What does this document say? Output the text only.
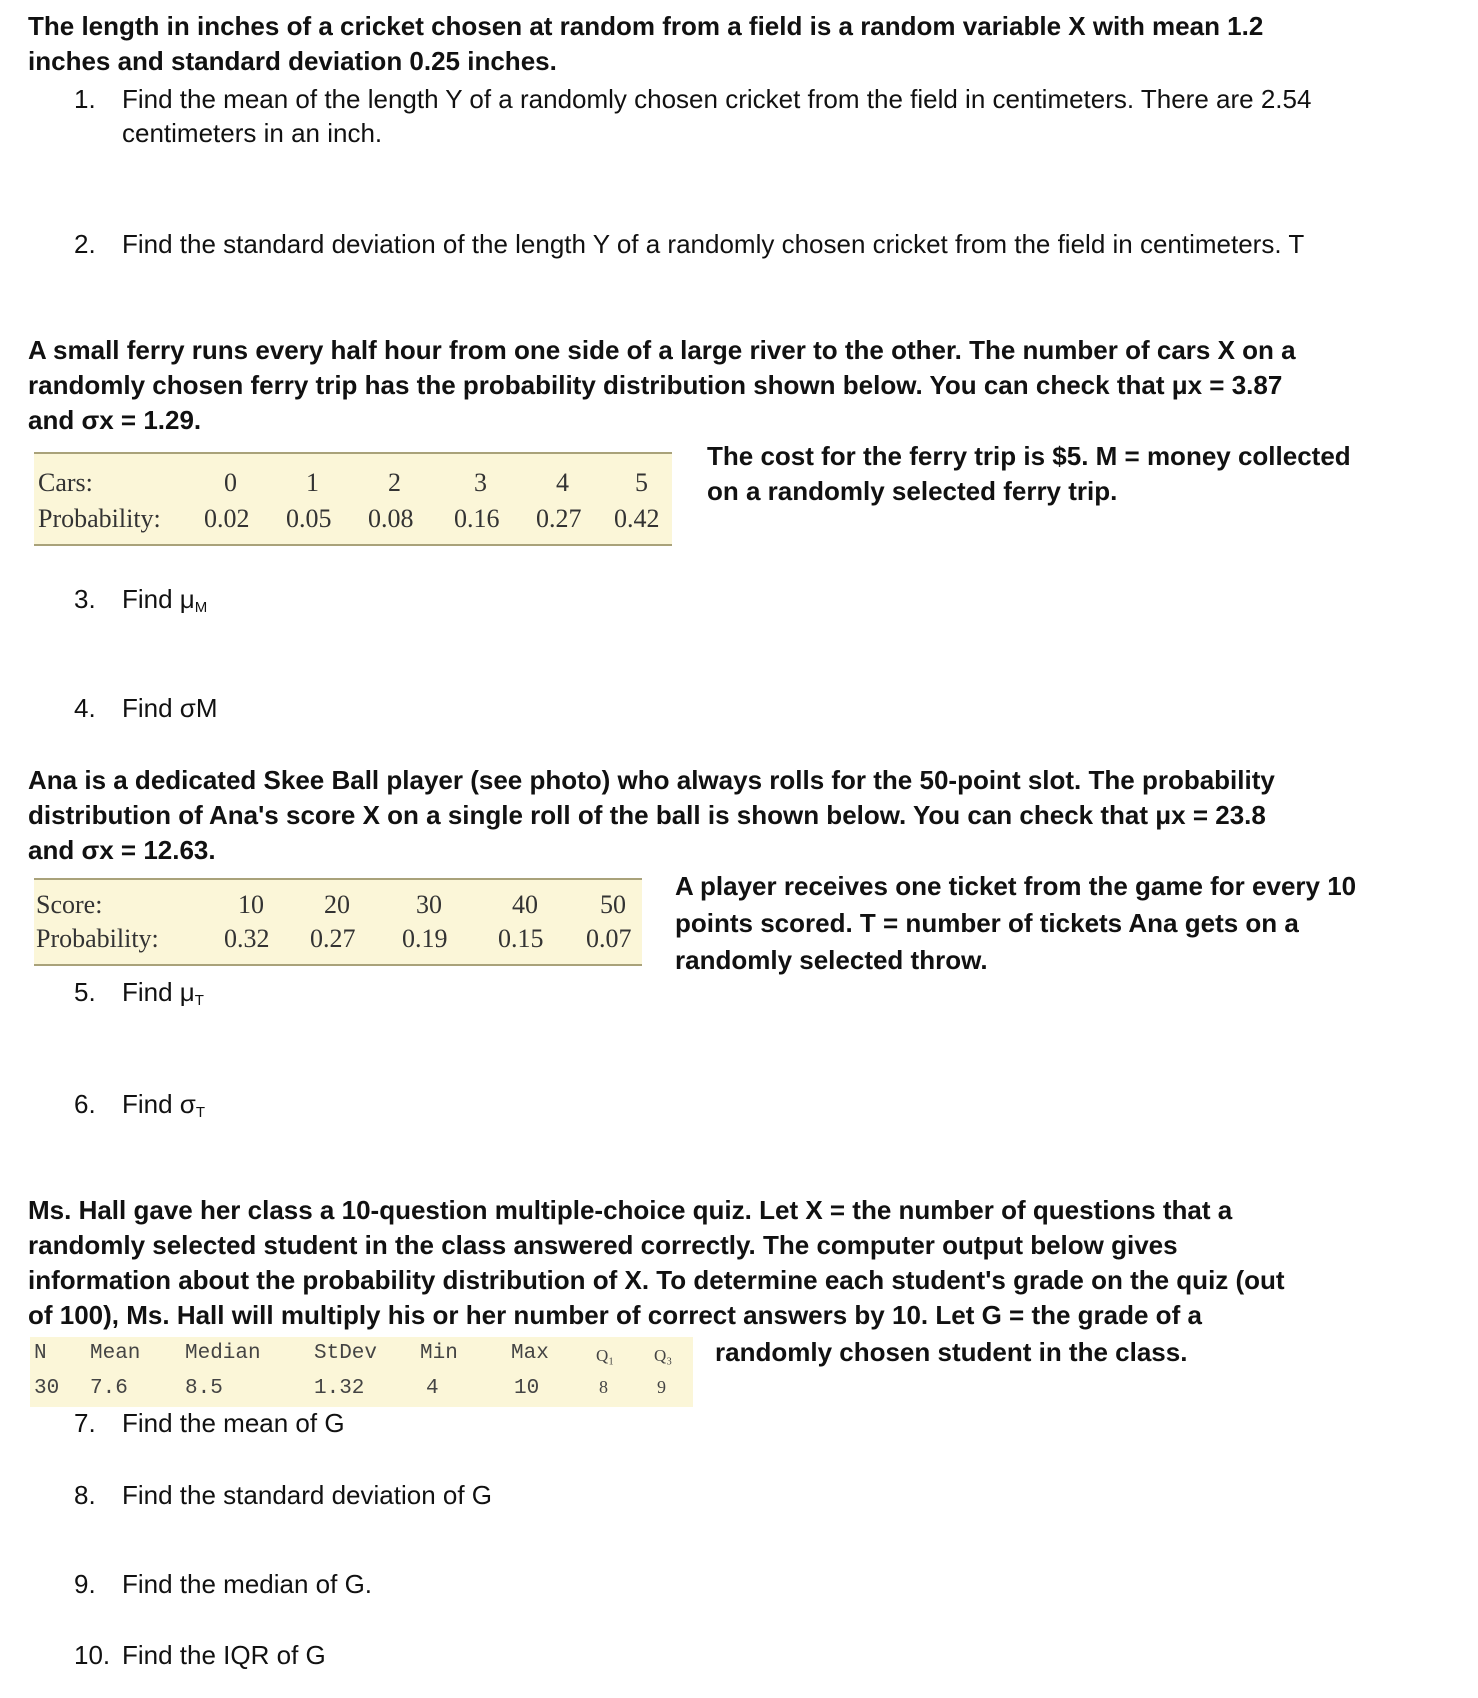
The length in inches of a cricket chosen at random from a field is a random variable X with mean 1.2
inches and standard deviation 0.25 inches.
1. Find the mean of the length Y of a randomly chosen cricket from the field in centimeters. There are 2.54
centimeters in an inch.
2. Find the standard deviation of the length Y of a randomly chosen cricket from the field in centimeters. T
A small ferry runs every half hour from one side of a large river to the other. The number of cars X on a
randomly chosen ferry trip has the probability distribution shown below. You can check that μx = 3.87
and σx = 1.29.
Cars:	0	1	2	3	4	5
Probability: 0.02 0.05 0.08 0.16 0.27 0.42
The cost for the ferry trip is $5. M = money collected
on a randomly selected ferry trip.
3. Find μM
4. Find σM
Ana is a dedicated Skee Ball player (see photo) who always rolls for the 50-point slot. The probability
distribution of Ana's score X on a single roll of the ball is shown below. You can check that μx = 23.8
and σx = 12.63.
Score:	10 20	30	40 50
Probability:	0.32 0.27 0.19 0.15 0.07
A player receives one ticket from the game for every 10
points scored. T = number of tickets Ana gets on a
randomly selected throw.
5. Find μT
6. Find σT
Ms. Hall gave her class a 10-question multiple-choice quiz. Let X = the number of questions that a
randomly selected student in the class answered correctly. The computer output below gives
information about the probability distribution of X. To determine each student's grade on the quiz (out
of 100), Ms. Hall will multiply his or her number of correct answers by 10. Let G = the grade of a
randomly chosen student in the class.
N Mean Median	StDev Min	Max	Q₁ Q₃
30 7.6	8.5	1.32	4	10	8	9
7. Find the mean of G
8. Find the standard deviation of G
9. Find the median of G.
10. Find the IQR of G
